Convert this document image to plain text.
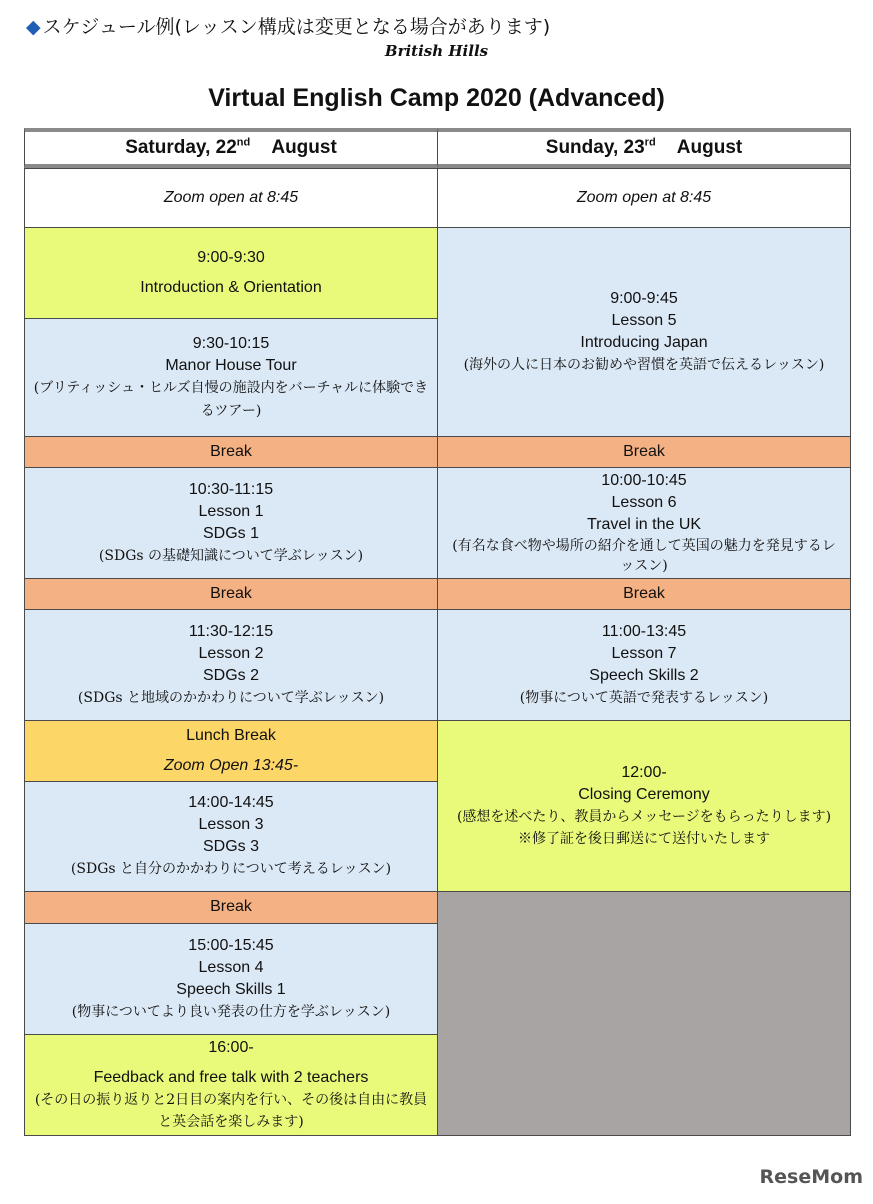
◆ スケジュール例(レッスン構成は変更となる場合があります)
British Hills
Virtual English Camp 2020 (Advanced)
Saturday, 22nd August	Sunday, 23rd August
Zoom open at 8:45
9:00-9:30
Introduction & Orientation
9:30-10:15
Manor House Tour
(ブリティッシュ・ヒルズ自慢の施設内をバーチャルに体験できるツアー)
Break
10:30-11:15
Lesson 1
SDGs 1
(SDGs の基礎知識について学ぶレッスン)
Break
11:30-12:15
Lesson 2
SDGs 2
(SDGs と地域のかかわりについて学ぶレッスン)
Lunch Break
Zoom Open 13:45-
14:00-14:45
Lesson 3
SDGs 3
(SDGs と自分のかかわりについて考えるレッスン)
Break
15:00-15:45
Lesson 4
Speech Skills 1
(物事についてより良い発表の仕方を学ぶレッスン)
16:00-
Feedback and free talk with 2 teachers
(その日の振り返りと2日目の案内を行い、その後は自由に教員と英会話を楽しみます)
Zoom open at 8:45
9:00-9:45
Lesson 5
Introducing Japan
(海外の人に日本のお勧めや習慣を英語で伝えるレッスン)
Break
10:00-10:45
Lesson 6
Travel in the UK
(有名な食べ物や場所の紹介を通して英国の魅力を発見するレッスン)
Break
11:00-13:45
Lesson 7
Speech Skills 2
(物事について英語で発表するレッスン)
12:00-
Closing Ceremony
(感想を述べたり、教員からメッセージをもらったりします)
※修了証を後日郵送にて送付いたします
ReseMom
